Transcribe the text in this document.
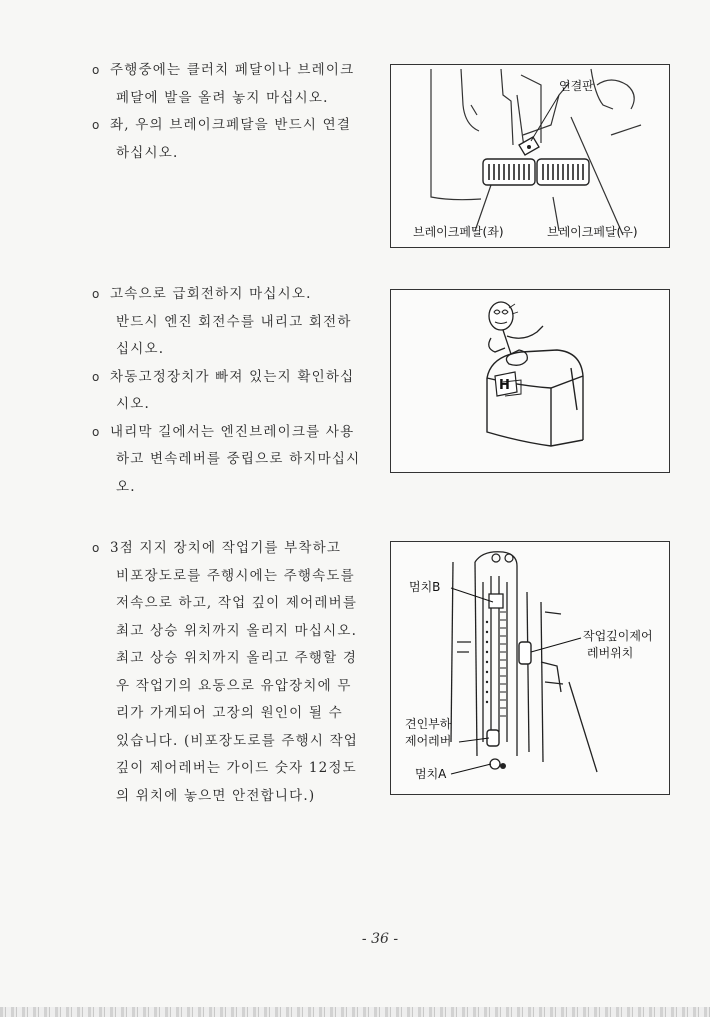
o 주행중에는 클러치 페달이나 브레이크
페달에 발을 올려 놓지 마십시오.
o 좌, 우의 브레이크페달을 반드시 연결
하십시오.
연결판
브레이크페달(좌)	브레이크페달(우)
o 고속으로 급회전하지 마십시오.
반드시 엔진 회전수를 내리고 회전하
십시오.
o 차동고정장치가 빠져 있는지 확인하십
시오.
o 내리막 길에서는 엔진브레이크를 사용
하고 변속레버를 중립으로 하지마십시
오.
H
o 3점 지지 장치에 작업기를 부착하고
비포장도로를 주행시에는 주행속도를
저속으로 하고, 작업 깊이 제어레버를
최고 상승 위치까지 올리지 마십시오.
최고 상승 위치까지 올리고 주행할 경
우 작업기의 요동으로 유압장치에 무
리가 가게되어 고장의 원인이 될 수
있습니다. (비포장도로를 주행시 작업
깊이 제어레버는 가이드 숫자 12정도
의 위치에 놓으면 안전합니다.)
멈치B
작업깊이제어
레버위치
견인부하
제어레버
멈치A
- 36 -
